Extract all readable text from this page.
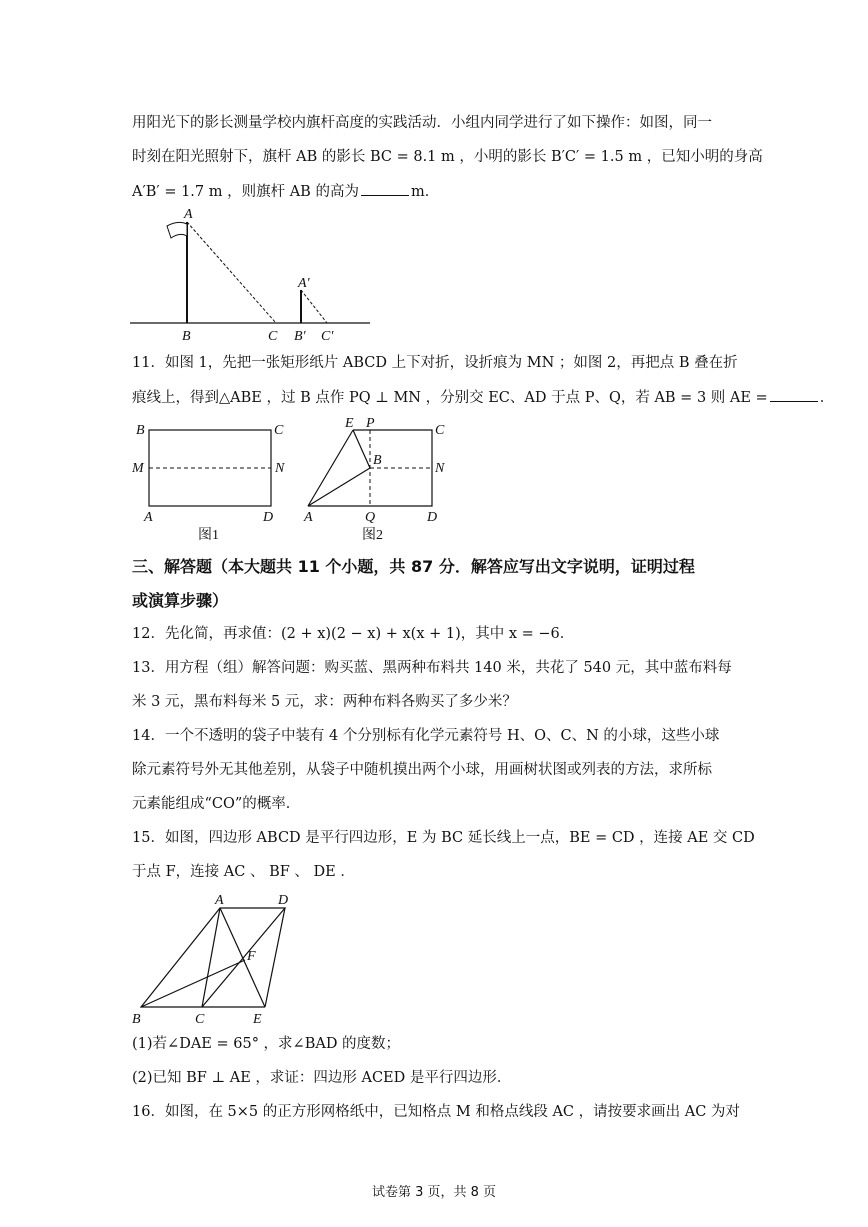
用阳光下的影长测量学校内旗杆高度的实践活动．小组内同学进行了如下操作：如图，同一
时刻在阳光照射下，旗杆 AB 的影长 BC = 8.1 m ，小明的影长 B′C′ = 1.5 m ，已知小明的身高
A′B′ = 1.7 m ，则旗杆 AB 的高为	m．
A
B	C
A′
B′ C′
11．如图 1，先把一张矩形纸片 ABCD 上下对折，设折痕为 MN ；如图 2，再把点 B 叠在折
痕线上，得到△ABE ，过 B 点作 PQ ⊥ MN ，分别交 EC、AD 于点 P、Q，若 AB = 3 则 AE =	．
B	C
M	N
A	D
图1
E P	C
B
N
A	Q	D
图2
三、解答题（本大题共 11 个小题，共 87 分．解答应写出文字说明，证明过程
或演算步骤）
12．先化简，再求值：(2 + x)(2 − x) + x(x + 1)，其中 x = −6．
13．用方程（组）解答问题：购买蓝、黑两种布料共 140 米，共花了 540 元，其中蓝布料每
米 3 元，黑布料每米 5 元，求：两种布料各购买了多少米？
14．一个不透明的袋子中装有 4 个分别标有化学元素符号 H、O、C、N 的小球，这些小球
除元素符号外无其他差别，从袋子中随机摸出两个小球，用画树状图或列表的方法，求所标
元素能组成“CO”的概率．
15．如图，四边形 ABCD 是平行四边形，E 为 BC 延长线上一点，BE = CD ，连接 AE 交 CD
于点 F，连接 AC 、 BF 、 DE ．
A	D
F
B	C	E
(1)若∠DAE = 65° ，求∠BAD 的度数；
(2)已知 BF ⊥ AE ，求证：四边形 ACED 是平行四边形．
16．如图，在 5×5 的正方形网格纸中，已知格点 M 和格点线段 AC ，请按要求画出 AC 为对
试卷第 3 页，共 8 页
